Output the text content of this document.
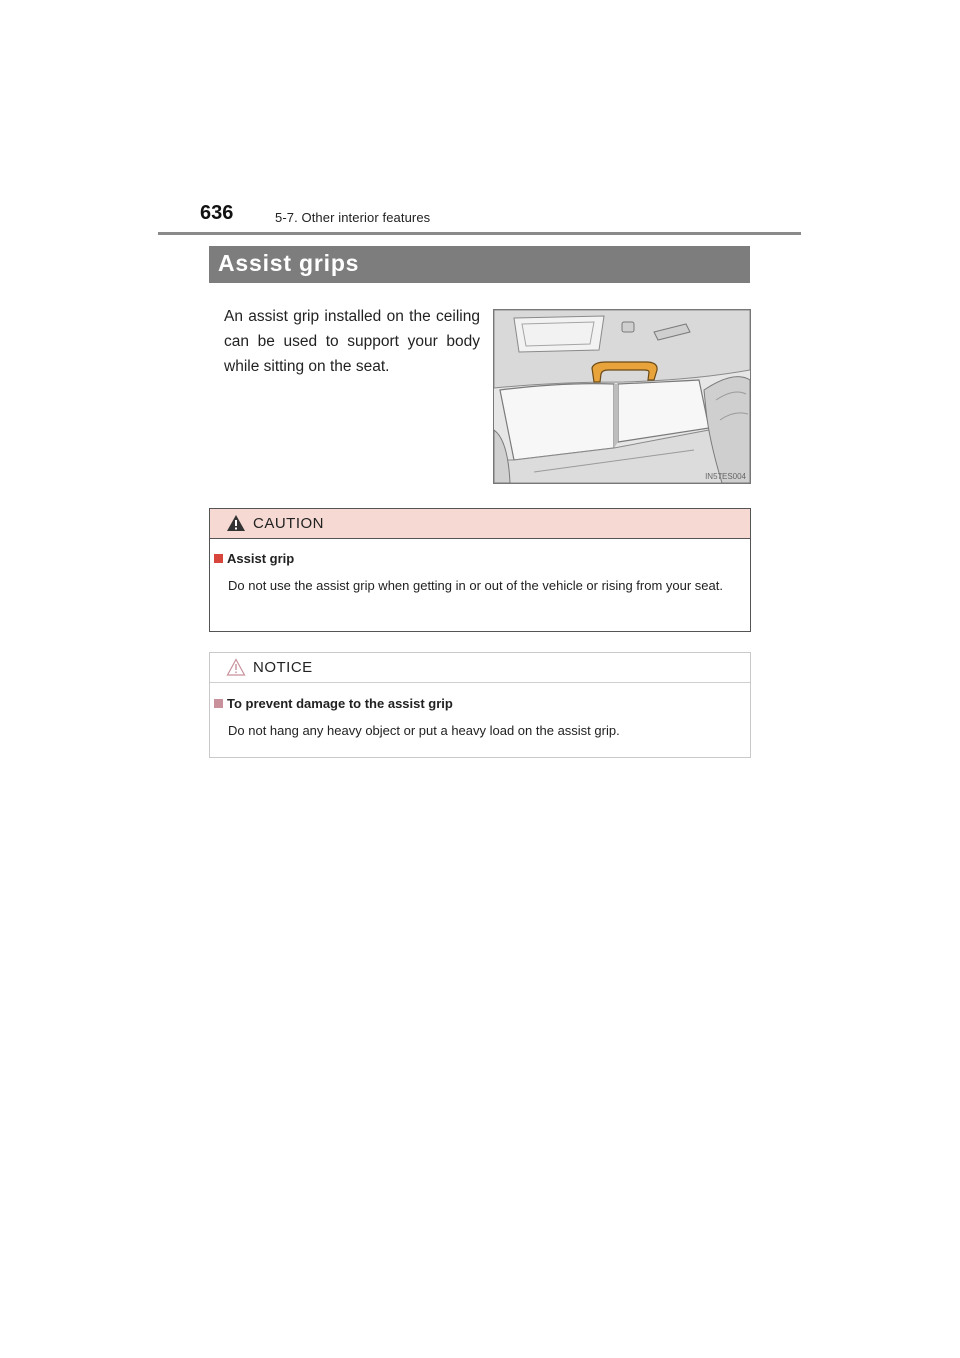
636	5-7. Other interior features
Assist grips
An assist grip installed on the ceiling can be used to support your body while sitting on the seat.
IN57ES004
CAUTION
Assist grip
Do not use the assist grip when getting in or out of the vehicle or rising from your seat.
NOTICE
To prevent damage to the assist grip
Do not hang any heavy object or put a heavy load on the assist grip.
